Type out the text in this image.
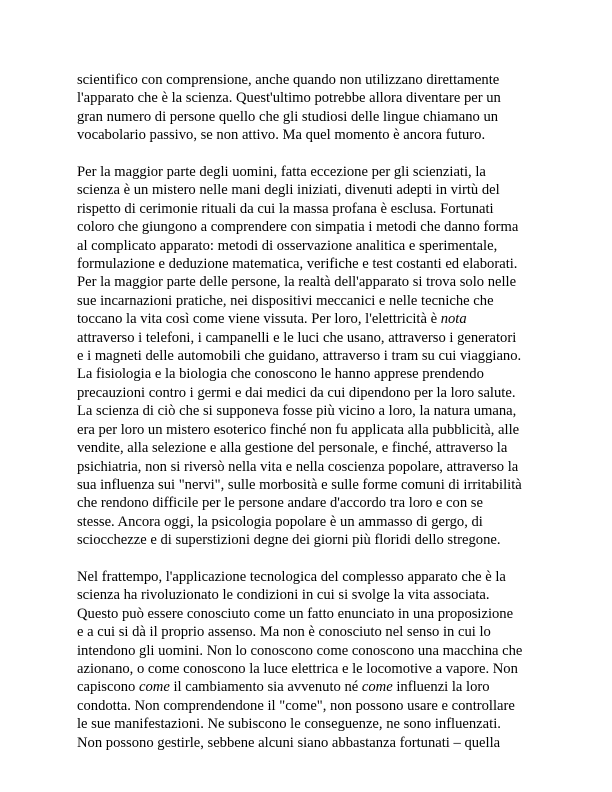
scientifico con comprensione, anche quando non utilizzano direttamente
l'apparato che è la scienza. Quest'ultimo potrebbe allora diventare per un
gran numero di persone quello che gli studiosi delle lingue chiamano un
vocabolario passivo, se non attivo. Ma quel momento è ancora futuro.

Per la maggior parte degli uomini, fatta eccezione per gli scienziati, la
scienza è un mistero nelle mani degli iniziati, divenuti adepti in virtù del
rispetto di cerimonie rituali da cui la massa profana è esclusa. Fortunati
coloro che giungono a comprendere con simpatia i metodi che danno forma
al complicato apparato: metodi di osservazione analitica e sperimentale,
formulazione e deduzione matematica, verifiche e test costanti ed elaborati.
Per la maggior parte delle persone, la realtà dell'apparato si trova solo nelle
sue incarnazioni pratiche, nei dispositivi meccanici e nelle tecniche che
toccano la vita così come viene vissuta. Per loro, l'elettricità è nota
attraverso i telefoni, i campanelli e le luci che usano, attraverso i generatori
e i magneti delle automobili che guidano, attraverso i tram su cui viaggiano.
La fisiologia e la biologia che conoscono le hanno apprese prendendo
precauzioni contro i germi e dai medici da cui dipendono per la loro salute.
La scienza di ciò che si supponeva fosse più vicino a loro, la natura umana,
era per loro un mistero esoterico finché non fu applicata alla pubblicità, alle
vendite, alla selezione e alla gestione del personale, e finché, attraverso la
psichiatria, non si riversò nella vita e nella coscienza popolare, attraverso la
sua influenza sui "nervi", sulle morbosità e sulle forme comuni di irritabilità
che rendono difficile per le persone andare d'accordo tra loro e con se
stesse. Ancora oggi, la psicologia popolare è un ammasso di gergo, di
sciocchezze e di superstizioni degne dei giorni più floridi dello stregone.

Nel frattempo, l'applicazione tecnologica del complesso apparato che è la
scienza ha rivoluzionato le condizioni in cui si svolge la vita associata.
Questo può essere conosciuto come un fatto enunciato in una proposizione
e a cui si dà il proprio assenso. Ma non è conosciuto nel senso in cui lo
intendono gli uomini. Non lo conoscono come conoscono una macchina che
azionano, o come conoscono la luce elettrica e le locomotive a vapore. Non
capiscono come il cambiamento sia avvenuto né come influenzi la loro
condotta. Non comprendendone il "come", non possono usare e controllare
le sue manifestazioni. Ne subiscono le conseguenze, ne sono influenzati.
Non possono gestirle, sebbene alcuni siano abbastanza fortunati – quella
